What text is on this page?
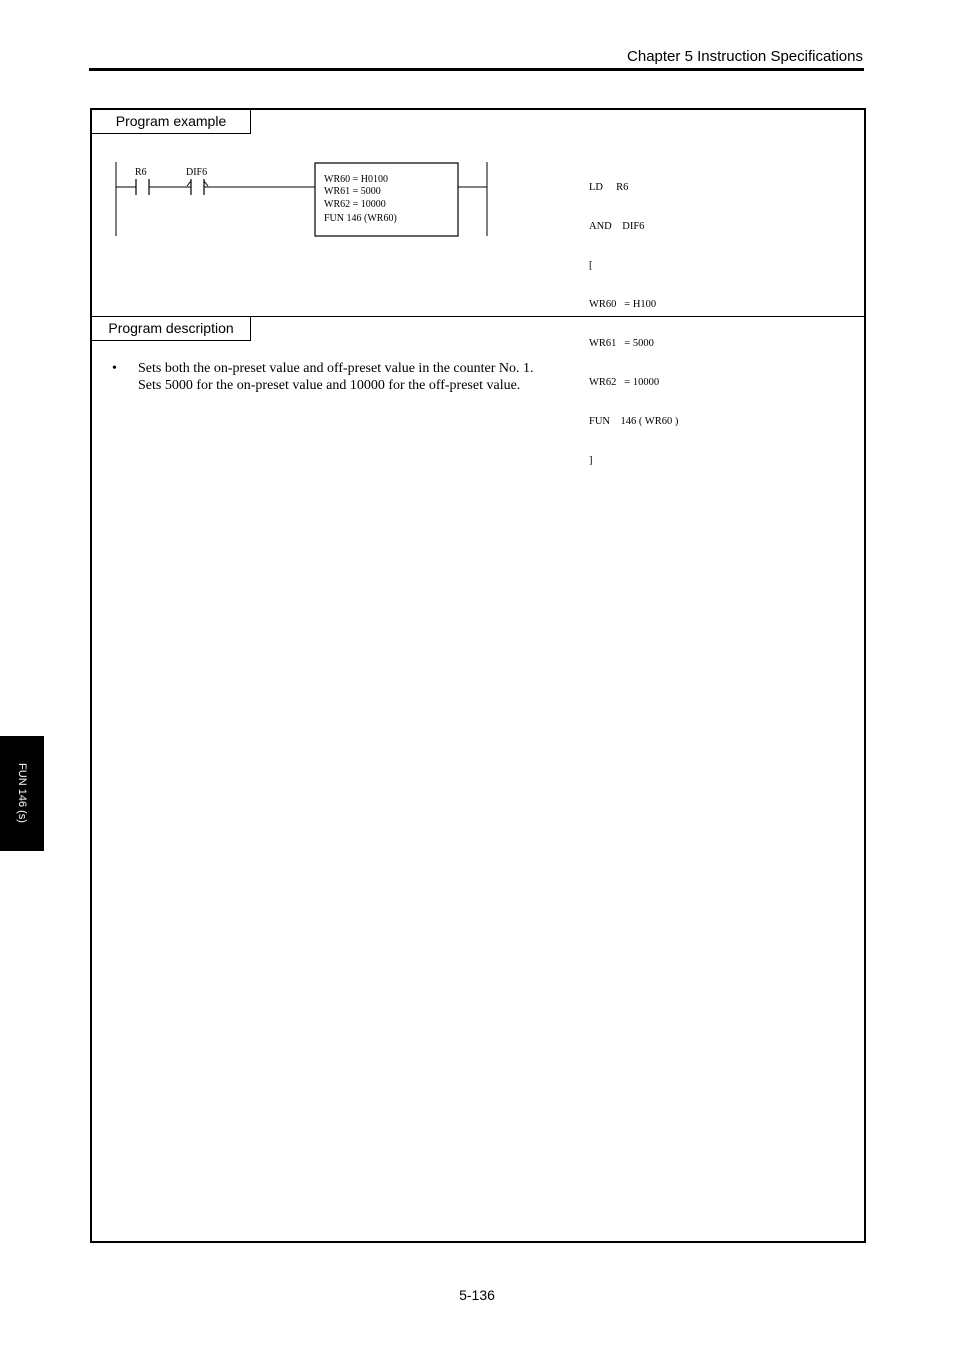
Chapter 5 Instruction Specifications
Program example
R6	DIF6
WR60 = H0100
WR61 = 5000
WR62 = 10000
FUN 146 (WR60)

LD     R6

AND    DIF6

[

WR60   = H100

WR61   = 5000

WR62   = 10000

FUN    146 ( WR60 )

]

Program description
• Sets both the on-preset value and off-preset value in the counter No. 1.
Sets 5000 for the on-preset value and 10000 for the off-preset value.
FUN 146 (s)
5-136
